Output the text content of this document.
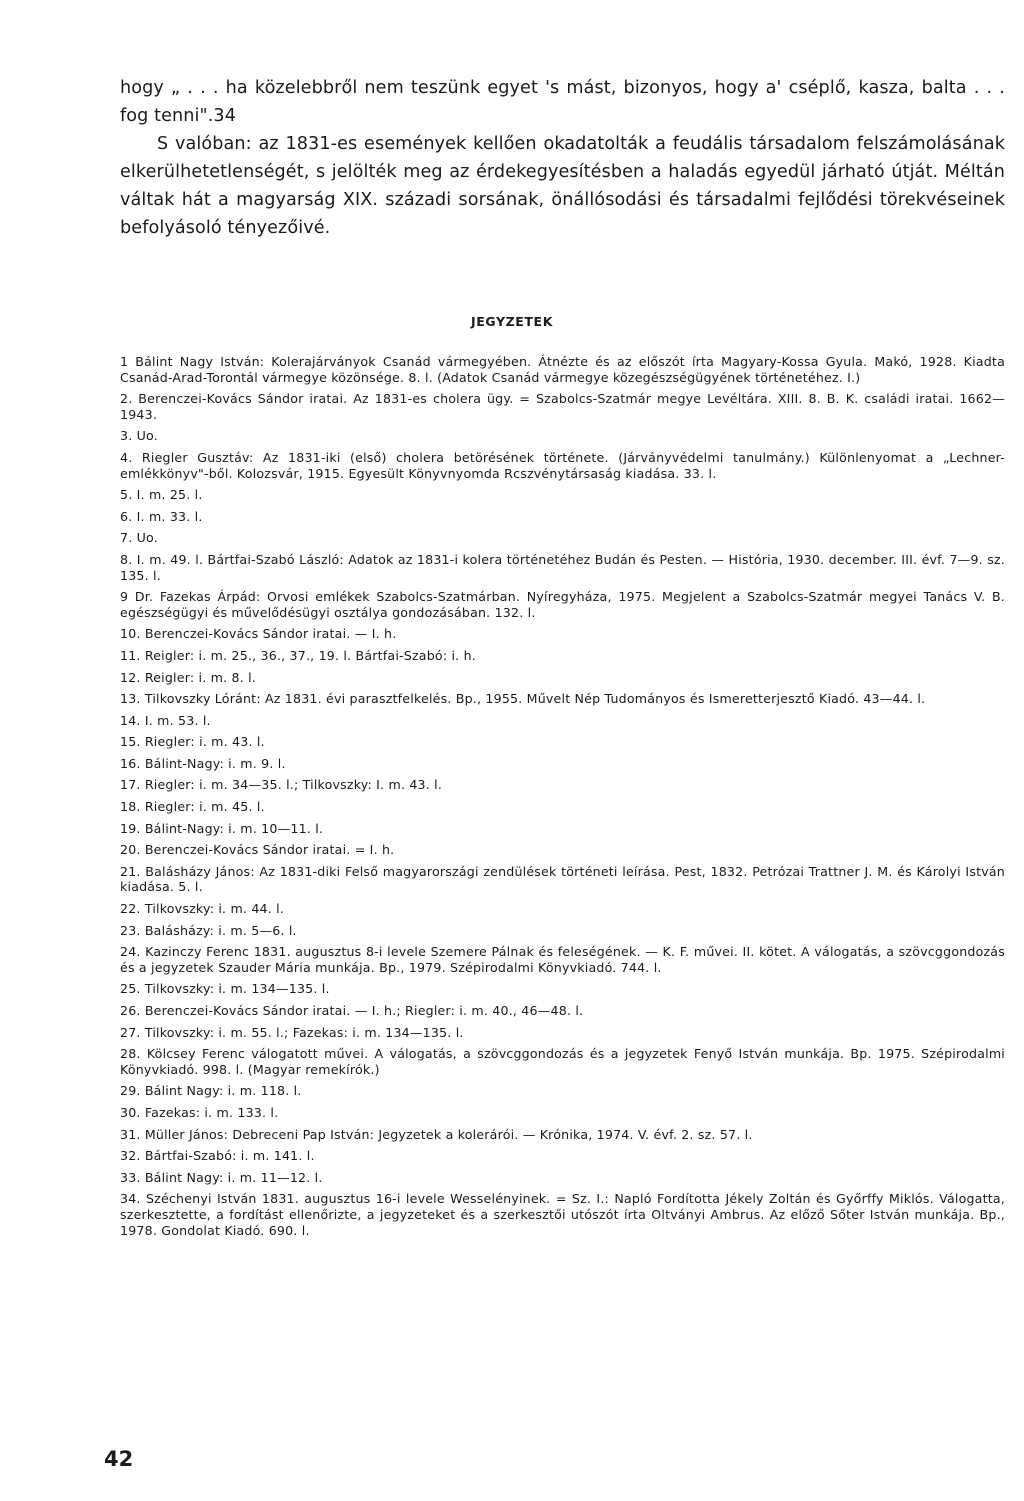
hogy „ . . . ha közelebbről nem teszünk egyet 's mást, bizonyos, hogy a' cséplő, kasza, balta . . . fog tenni".34

S valóban: az 1831-es események kellően okadatolták a feudális társadalom felszámolásának elkerülhetetlenségét, s jelölték meg az érdekegyesítésben a haladás egyedül járható útját. Méltán váltak hát a magyarság XIX. századi sorsának, önállósodási és társadalmi fejlődési törekvéseinek befolyásoló tényezőivé.

JEGYZETEK

1 Bálint Nagy István: Kolerajárványok Csanád vármegyében. Átnézte és az előszót írta Magyary-Kossa Gyula. Makó, 1928. Kiadta Csanád-Arad-Torontál vármegye közönsége. 8. l. (Adatok Csanád vármegye közegészségügyének történetéhez. I.)

2. Berenczei-Kovács Sándor iratai. Az 1831-es cholera ügy. = Szabolcs-Szatmár megye Levéltára. XIII. 8. B. K. családi iratai. 1662—1943.

3. Uo.

4. Riegler Gusztáv: Az 1831-iki (első) cholera betörésének története. (Járványvédelmi tanulmány.) Különlenyomat a „Lechner-emlékkönyv"-ből. Kolozsvár, 1915. Egyesült Könyvnyomda Rcszvénytársaság kiadása. 33. l.

5. I. m. 25. l.

6. I. m. 33. l.

7. Uo.

8. I. m. 49. l. Bártfai-Szabó László: Adatok az 1831-i kolera történetéhez Budán és Pesten. — História, 1930. december. III. évf. 7—9. sz. 135. l.

9 Dr. Fazekas Árpád: Orvosi emlékek Szabolcs-Szatmárban. Nyíregyháza, 1975. Megjelent a Szabolcs-Szatmár megyei Tanács V. B. egészségügyi és művelődésügyi osztálya gondozásában. 132. l.

10. Berenczei-Kovács Sándor iratai. — I. h.

11. Reigler: i. m. 25., 36., 37., 19. l. Bártfai-Szabó: i. h.

12. Reigler: i. m. 8. l.

13. Tilkovszky Lóránt: Az 1831. évi parasztfelkelés. Bp., 1955. Művelt Nép Tudományos és Ismeretterjesztő Kiadó. 43—44. l.

14. I. m. 53. l.

15. Riegler: i. m. 43. l.

16. Bálint-Nagy: i. m. 9. l.

17. Riegler: i. m. 34—35. l.; Tilkovszky: I. m. 43. l.

18. Riegler: i. m. 45. l.

19. Bálint-Nagy: i. m. 10—11. l.

20. Berenczei-Kovács Sándor iratai. = I. h.

21. Balásházy János: Az 1831-diki Felső magyarországi zendülések történeti leírása. Pest, 1832. Petrózai Trattner J. M. és Károlyi István kiadása. 5. l.

22. Tilkovszky: i. m. 44. l.

23. Balásházy: i. m. 5—6. l.

24. Kazinczy Ferenc 1831. augusztus 8-i levele Szemere Pálnak és feleségének. — K. F. művei. II. kötet. A válogatás, a szövcggondozás és a jegyzetek Szauder Mária munkája. Bp., 1979. Szépirodalmi Könyvkiadó. 744. l.

25. Tilkovszky: i. m. 134—135. l.

26. Berenczei-Kovács Sándor iratai. — I. h.; Riegler: i. m. 40., 46—48. l.

27. Tilkovszky: i. m. 55. l.; Fazekas: i. m. 134—135. l.

28. Kölcsey Ferenc válogatott művei. A válogatás, a szövcggondozás és a jegyzetek Fenyő István munkája. Bp. 1975. Szépirodalmi Könyvkiadó. 998. l. (Magyar remekírók.)

29. Bálint Nagy: i. m. 118. l.

30. Fazekas: i. m. 133. l.

31. Müller János: Debreceni Pap István: Jegyzetek a kolerárói. — Krónika, 1974. V. évf. 2. sz. 57. l.

32. Bártfai-Szabó: i. m. 141. l.

33. Bálint Nagy: i. m. 11—12. l.

34. Széchenyi István 1831. augusztus 16-i levele Wesselényinek. = Sz. I.: Napló Fordította Jékely Zoltán és Győrffy Miklós. Válogatta, szerkesztette, a fordítást ellenőrizte, a jegyzeteket és a szerkesztői utószót írta Oltványi Ambrus. Az előző Sőter István munkája. Bp., 1978. Gondolat Kiadó. 690. l.

42
